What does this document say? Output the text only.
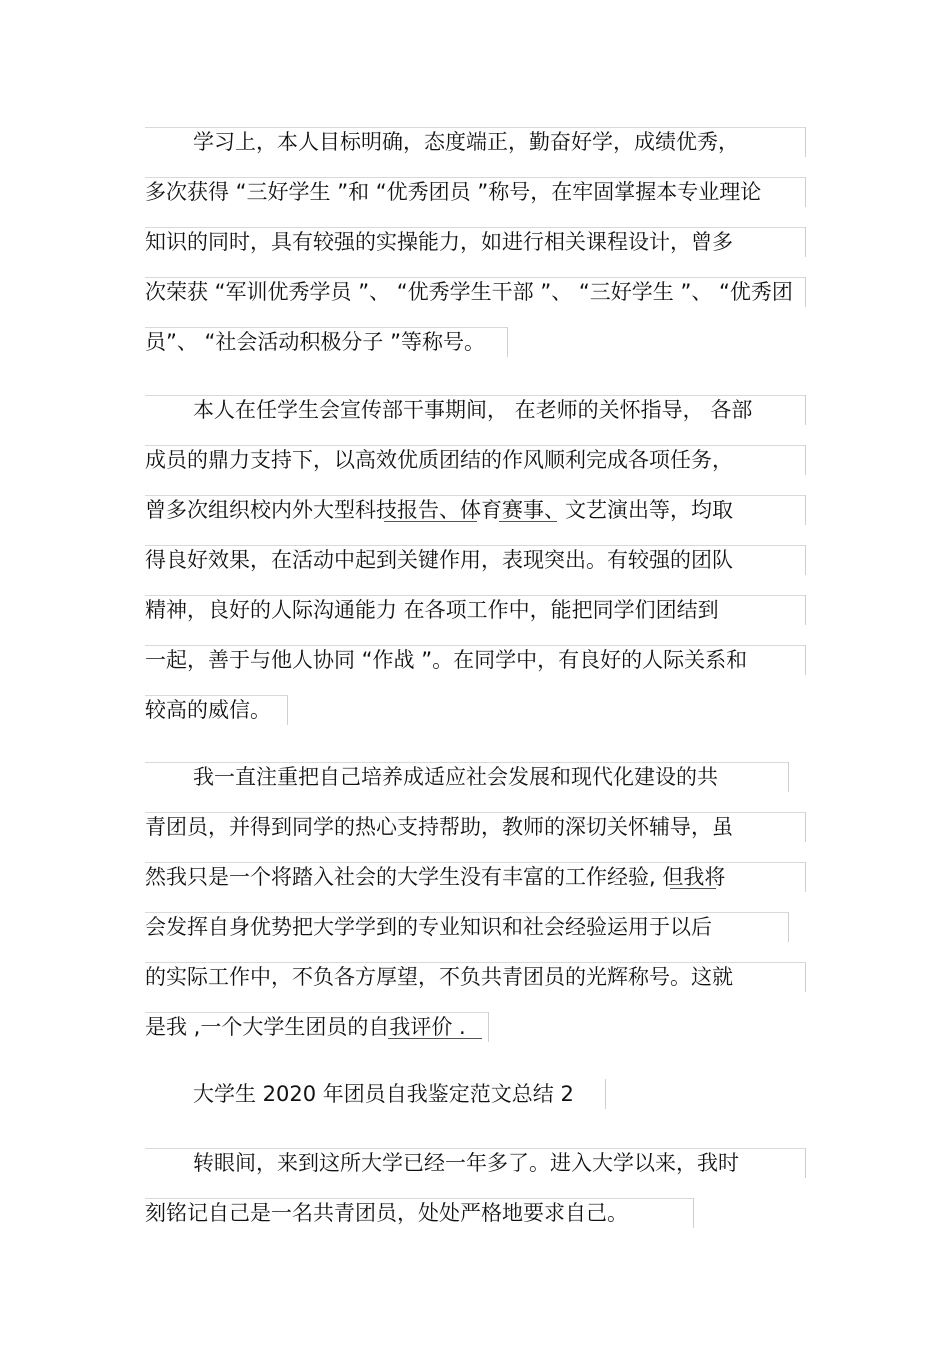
学习上，本人目标明确，态度端正，勤奋好学，成绩优秀，
多次获得 “三好学生 ”和 “优秀团员 ”称号，在牢固掌握本专业理论
知识的同时，具有较强的实操能力，如进行相关课程设计，曾多
次荣获 “军训优秀学员 ”、 “优秀学生干部 ”、 “三好学生 ”、 “优秀团
员”、 “社会活动积极分子 ”等称号。
本人在任学生会宣传部干事期间， 在老师的关怀指导， 各部
成员的鼎力支持下，以高效优质团结的作风顺利完成各项任务，
曾多次组织校内外大型科技报告、体育赛事、文艺演出等，均取
得良好效果，在活动中起到关键作用，表现突出。有较强的团队
精神，良好的人际沟通能力 在各项工作中，能把同学们团结到
一起，善于与他人协同 “作战 ”。在同学中，有良好的人际关系和
较高的威信。
我一直注重把自己培养成适应社会发展和现代化建设的共
青团员，并得到同学的热心支持帮助，教师的深切关怀辅导，虽
然我只是一个将踏入社会的大学生没有丰富的工作经验, 但我将
会发挥自身优势把大学学到的专业知识和社会经验运用于以后
的实际工作中，不负各方厚望，不负共青团员的光辉称号。这就
是我 ,一个大学生团员的自我评价 .
大学生 2020 年团员自我鉴定范文总结 2
转眼间，来到这所大学已经一年多了。进入大学以来，我时
刻铭记自己是一名共青团员，处处严格地要求自己。
